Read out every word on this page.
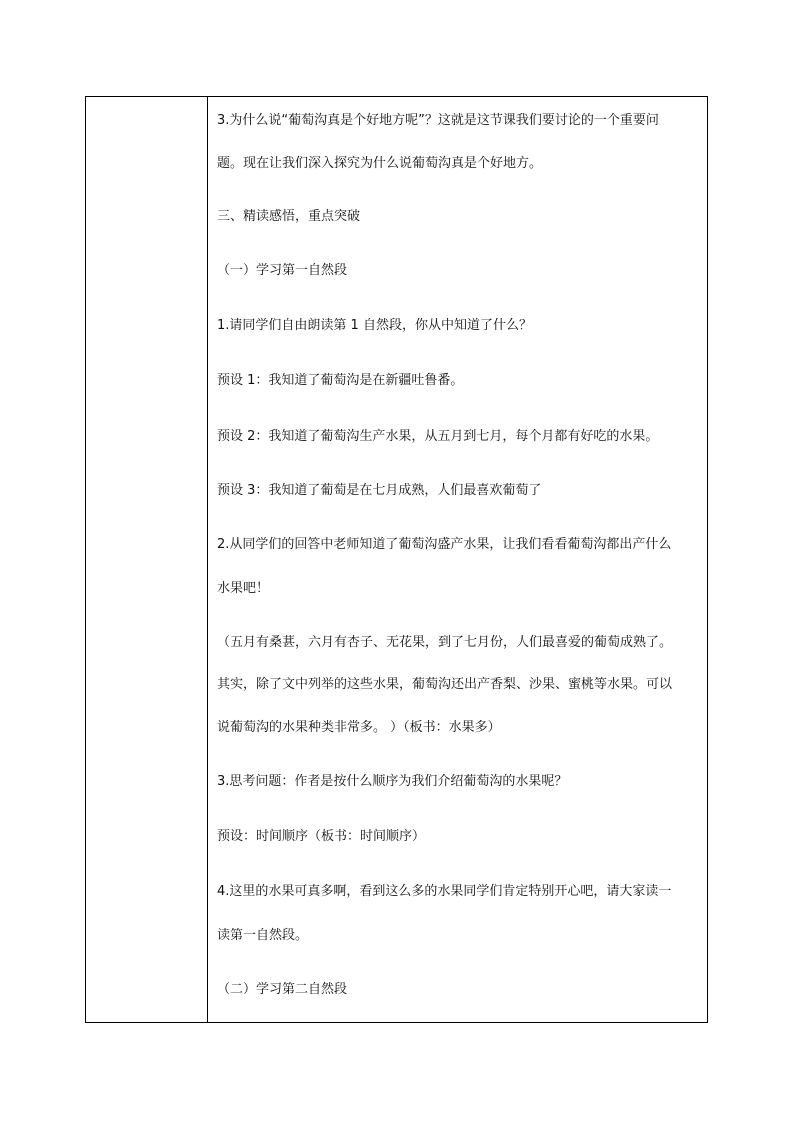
3.为什么说“葡萄沟真是个好地方呢”？这就是这节课我们要讨论的一个重要问
题。现在让我们深入探究为什么说葡萄沟真是个好地方。
三、精读感悟，重点突破
（一）学习第一自然段
1.请同学们自由朗读第 1 自然段，你从中知道了什么？
预设 1：我知道了葡萄沟是在新疆吐鲁番。
预设 2：我知道了葡萄沟生产水果，从五月到七月，每个月都有好吃的水果。
预设 3：我知道了葡萄是在七月成熟，人们最喜欢葡萄了
2.从同学们的回答中老师知道了葡萄沟盛产水果，让我们看看葡萄沟都出产什么
水果吧！
（五月有桑葚，六月有杏子、无花果，到了七月份，人们最喜爱的葡萄成熟了。
其实，除了文中列举的这些水果，葡萄沟还出产香梨、沙果、蜜桃等水果。可以
说葡萄沟的水果种类非常多。 ）（板书：水果多）
3.思考问题：作者是按什么顺序为我们介绍葡萄沟的水果呢？
预设：时间顺序（板书：时间顺序）
4.这里的水果可真多啊，看到这么多的水果同学们肯定特别开心吧，请大家读一
读第一自然段。
（二）学习第二自然段
